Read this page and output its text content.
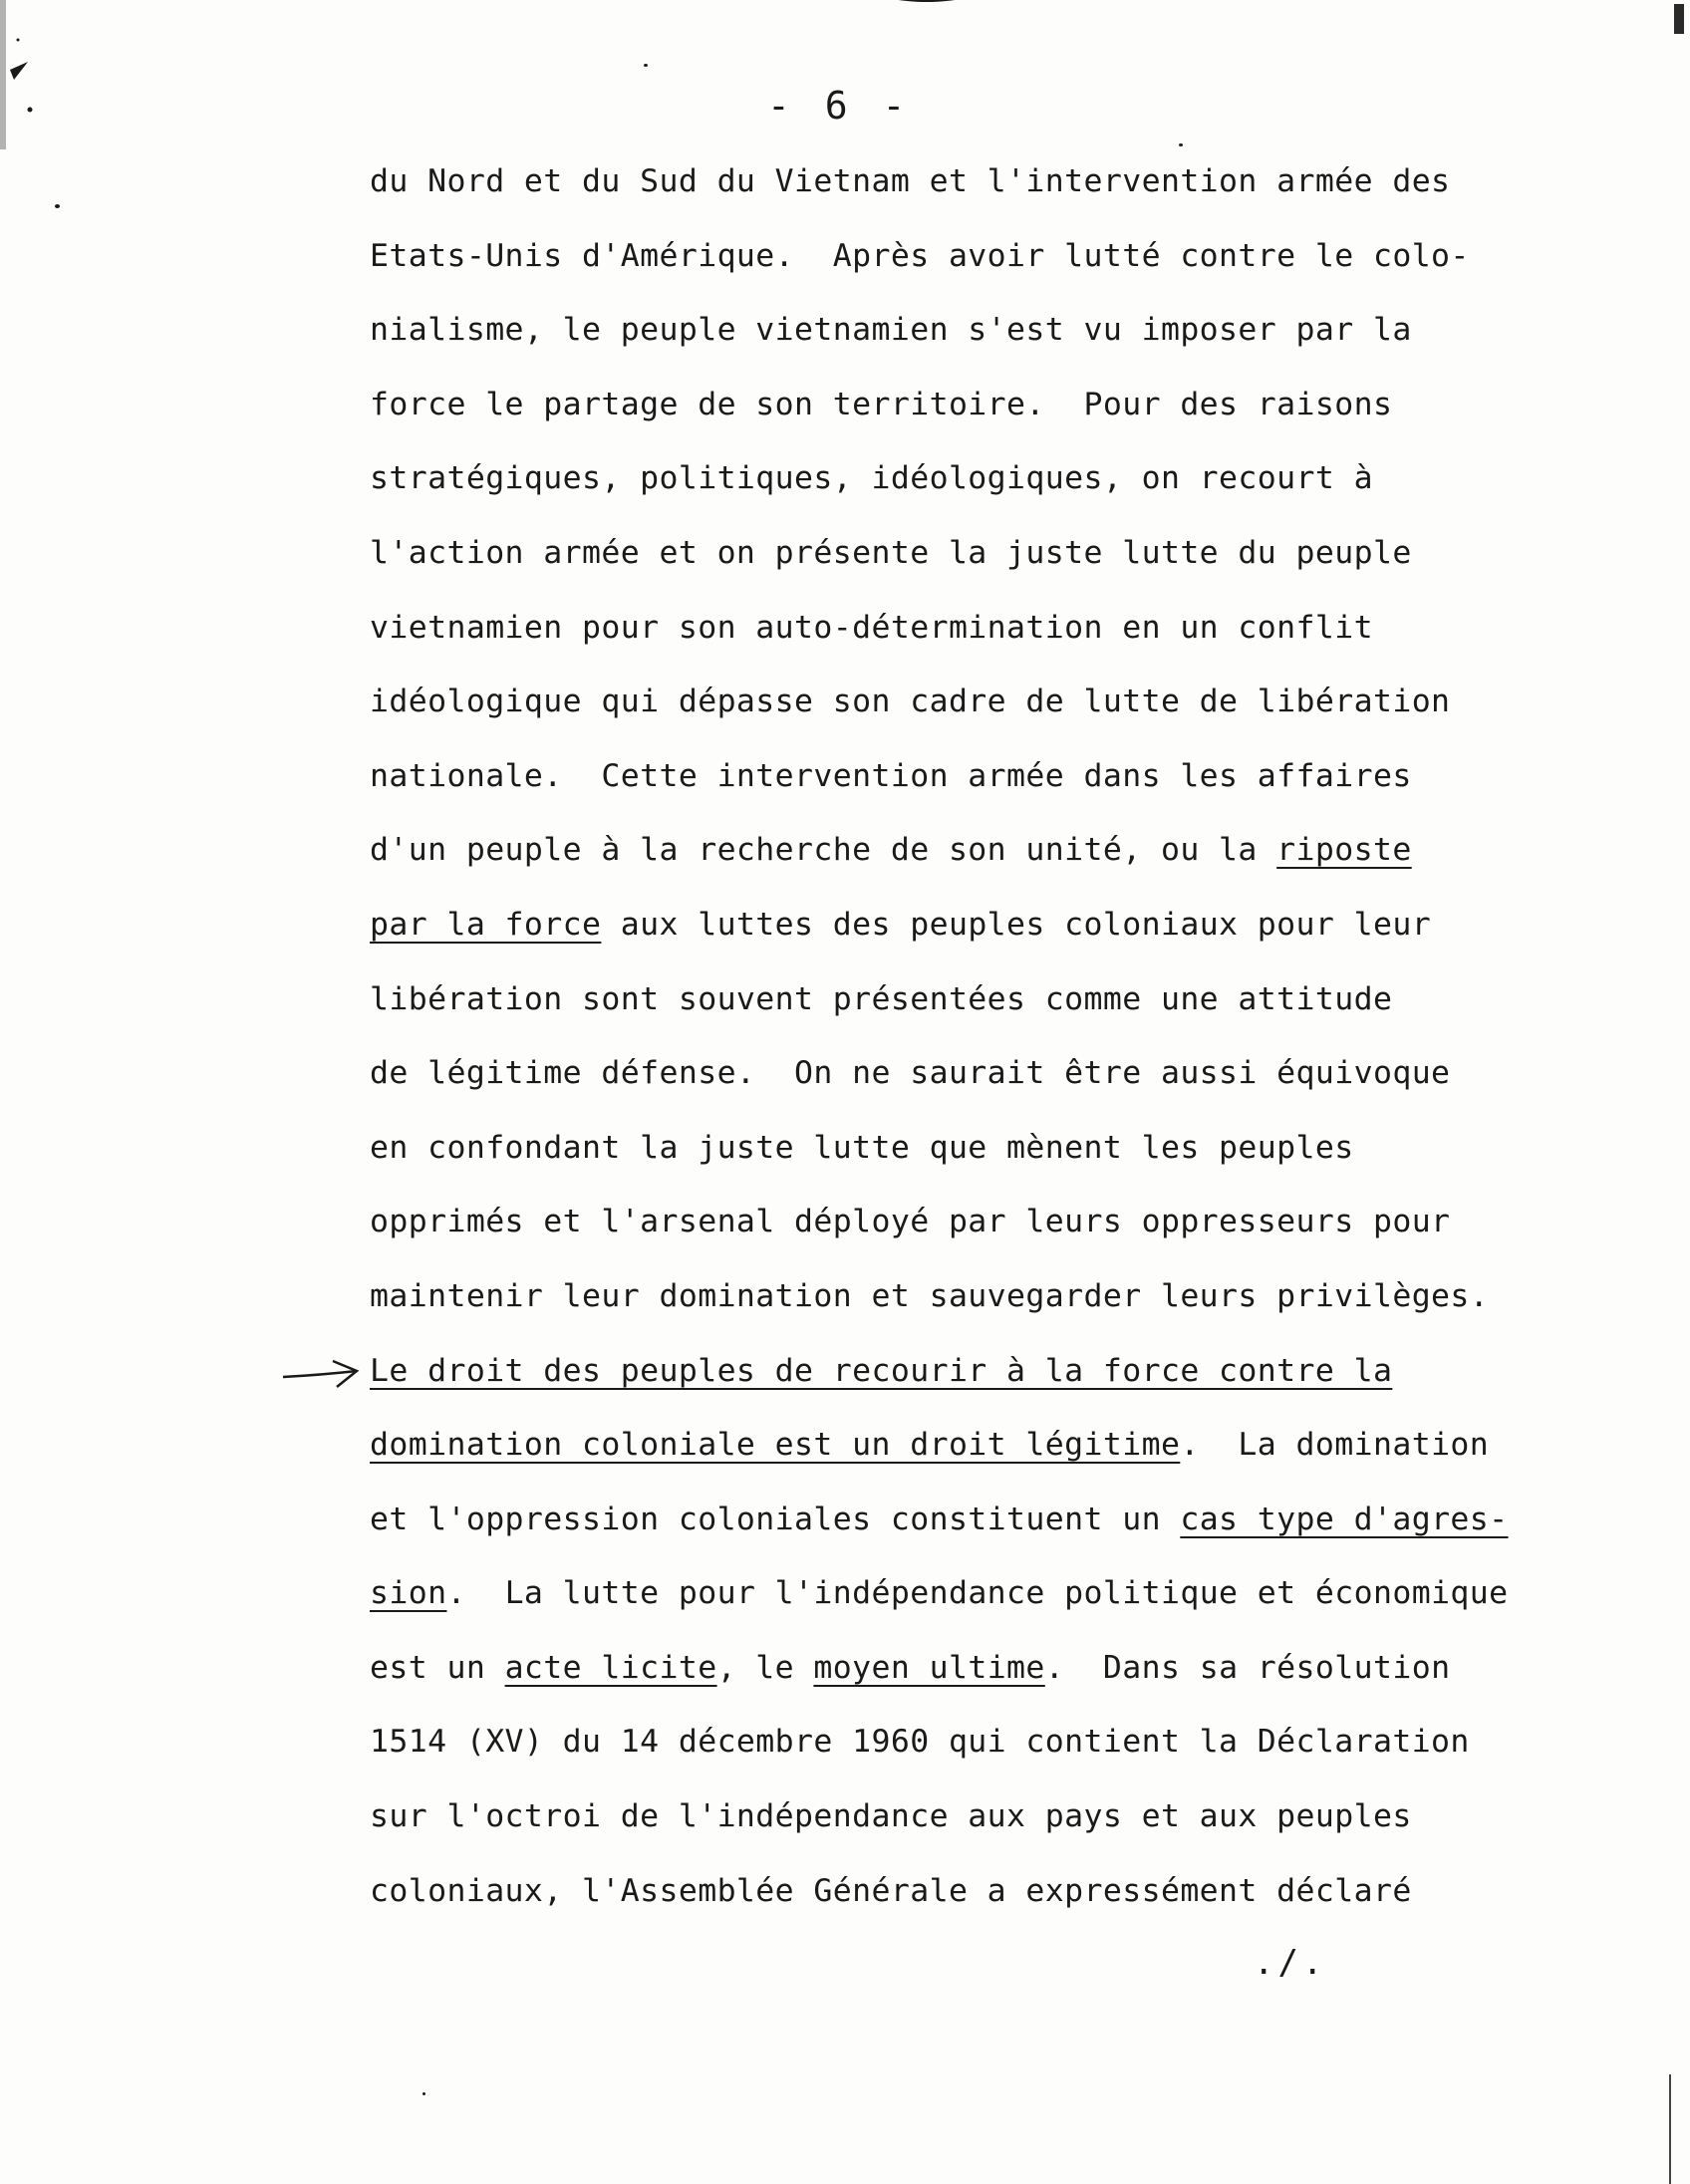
- 6 -
du Nord et du Sud du Vietnam et l'intervention armée des
Etats-Unis d'Amérique.  Après avoir lutté contre le colo-
nialisme, le peuple vietnamien s'est vu imposer par la
force le partage de son territoire.  Pour des raisons
stratégiques, politiques, idéologiques, on recourt à
l'action armée et on présente la juste lutte du peuple
vietnamien pour son auto-détermination en un conflit
idéologique qui dépasse son cadre de lutte de libération
nationale.  Cette intervention armée dans les affaires
d'un peuple à la recherche de son unité, ou la riposte
par la force aux luttes des peuples coloniaux pour leur
libération sont souvent présentées comme une attitude
de légitime défense.  On ne saurait être aussi équivoque
en confondant la juste lutte que mènent les peuples
opprimés et l'arsenal déployé par leurs oppresseurs pour
maintenir leur domination et sauvegarder leurs privilèges.
Le droit des peuples de recourir à la force contre la
domination coloniale est un droit légitime.  La domination
et l'oppression coloniales constituent un cas type d'agres-
sion.  La lutte pour l'indépendance politique et économique
est un acte licite, le moyen ultime.  Dans sa résolution
1514 (XV) du 14 décembre 1960 qui contient la Déclaration
sur l'octroi de l'indépendance aux pays et aux peuples
coloniaux, l'Assemblée Générale a expressément déclaré
./.
